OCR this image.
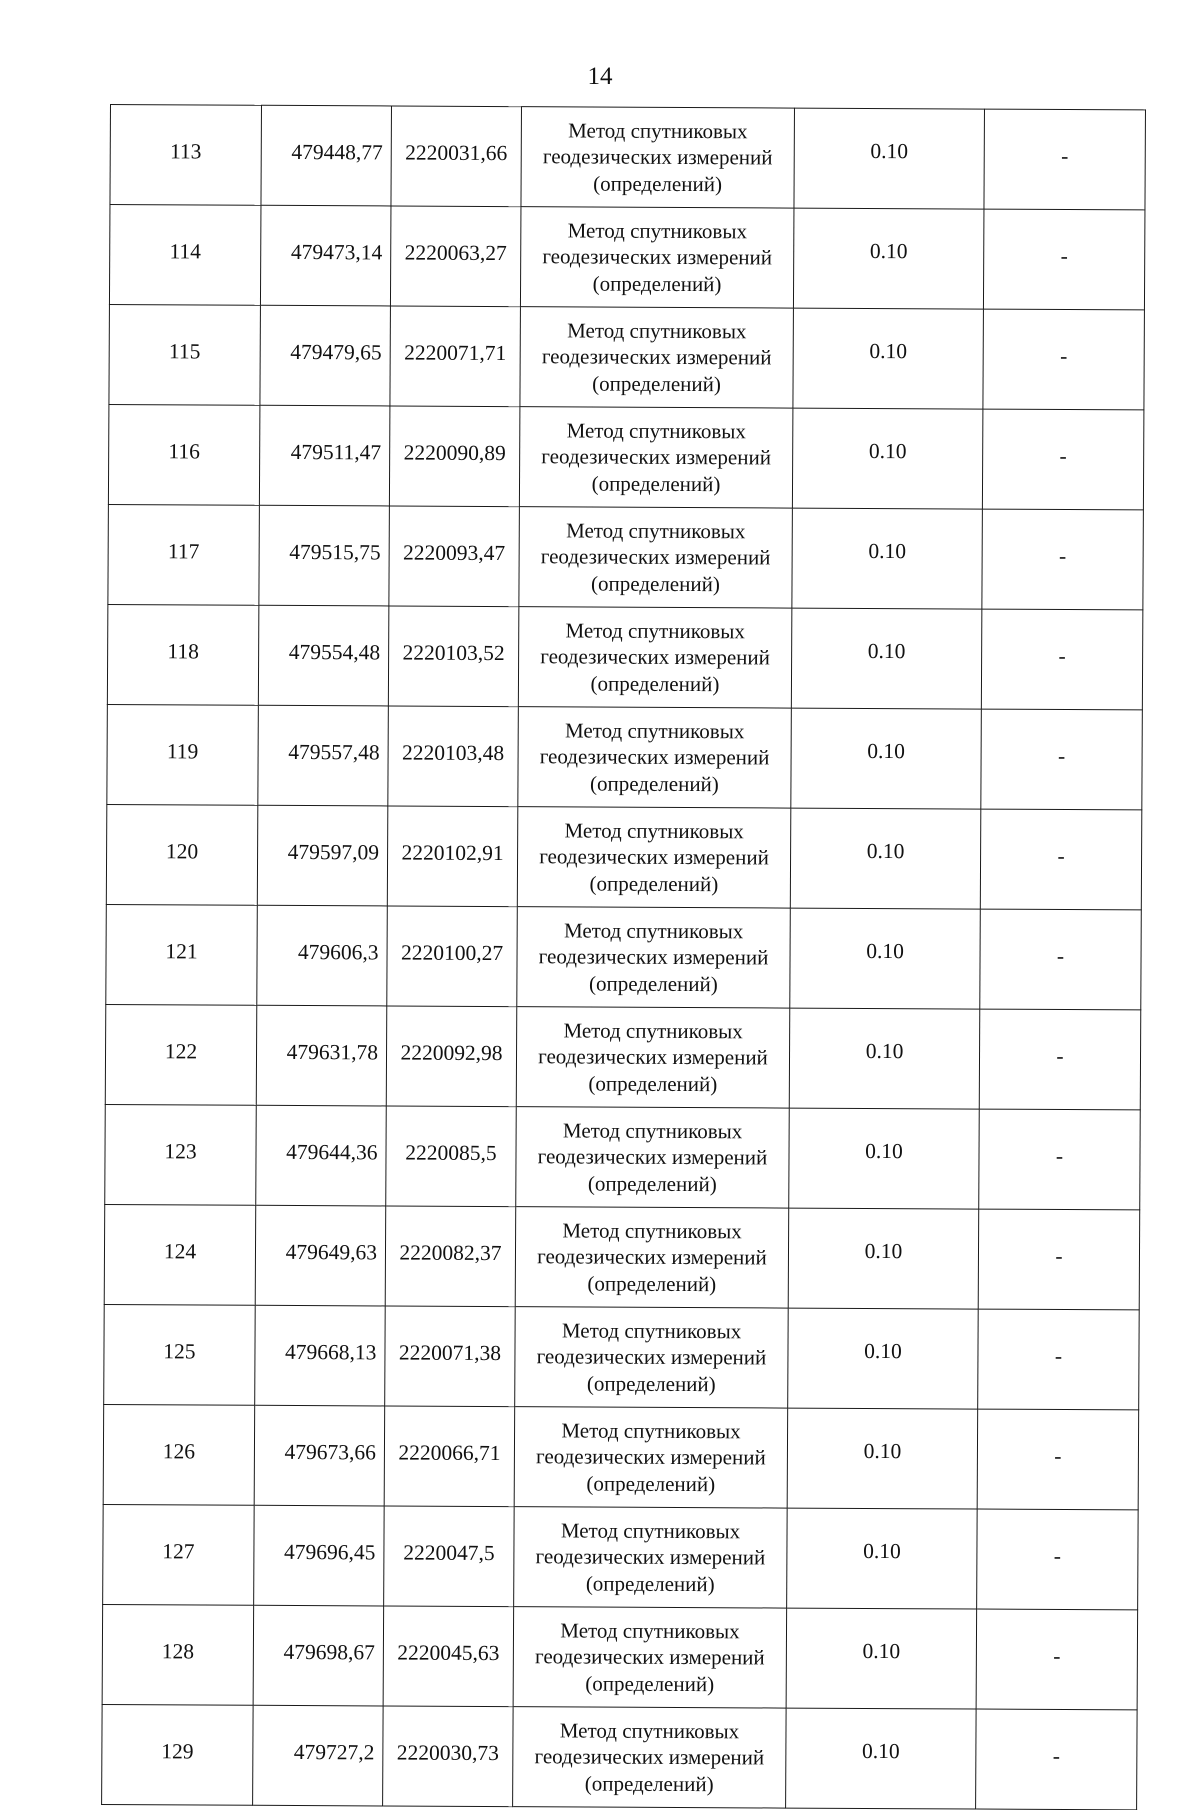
14
113	479448,77	2220031,66	Метод спутниковых
геодезических измерений
(определений)	0.10	-
114	479473,14	2220063,27	Метод спутниковых
геодезических измерений
(определений)	0.10	-
115	479479,65	2220071,71	Метод спутниковых
геодезических измерений
(определений)	0.10	-
116	479511,47	2220090,89	Метод спутниковых
геодезических измерений
(определений)	0.10	-
117	479515,75	2220093,47	Метод спутниковых
геодезических измерений
(определений)	0.10	-
118	479554,48	2220103,52	Метод спутниковых
геодезических измерений
(определений)	0.10	-
119	479557,48	2220103,48	Метод спутниковых
геодезических измерений
(определений)	0.10	-
120	479597,09	2220102,91	Метод спутниковых
геодезических измерений
(определений)	0.10	-
121	479606,3	2220100,27	Метод спутниковых
геодезических измерений
(определений)	0.10	-
122	479631,78	2220092,98	Метод спутниковых
геодезических измерений
(определений)	0.10	-
123	479644,36	2220085,5	Метод спутниковых
геодезических измерений
(определений)	0.10	-
124	479649,63	2220082,37	Метод спутниковых
геодезических измерений
(определений)	0.10	-
125	479668,13	2220071,38	Метод спутниковых
геодезических измерений
(определений)	0.10	-
126	479673,66	2220066,71	Метод спутниковых
геодезических измерений
(определений)	0.10	-
127	479696,45	2220047,5	Метод спутниковых
геодезических измерений
(определений)	0.10	-
128	479698,67	2220045,63	Метод спутниковых
геодезических измерений
(определений)	0.10	-
129	479727,2	2220030,73	Метод спутниковых
геодезических измерений
(определений)	0.10	-
